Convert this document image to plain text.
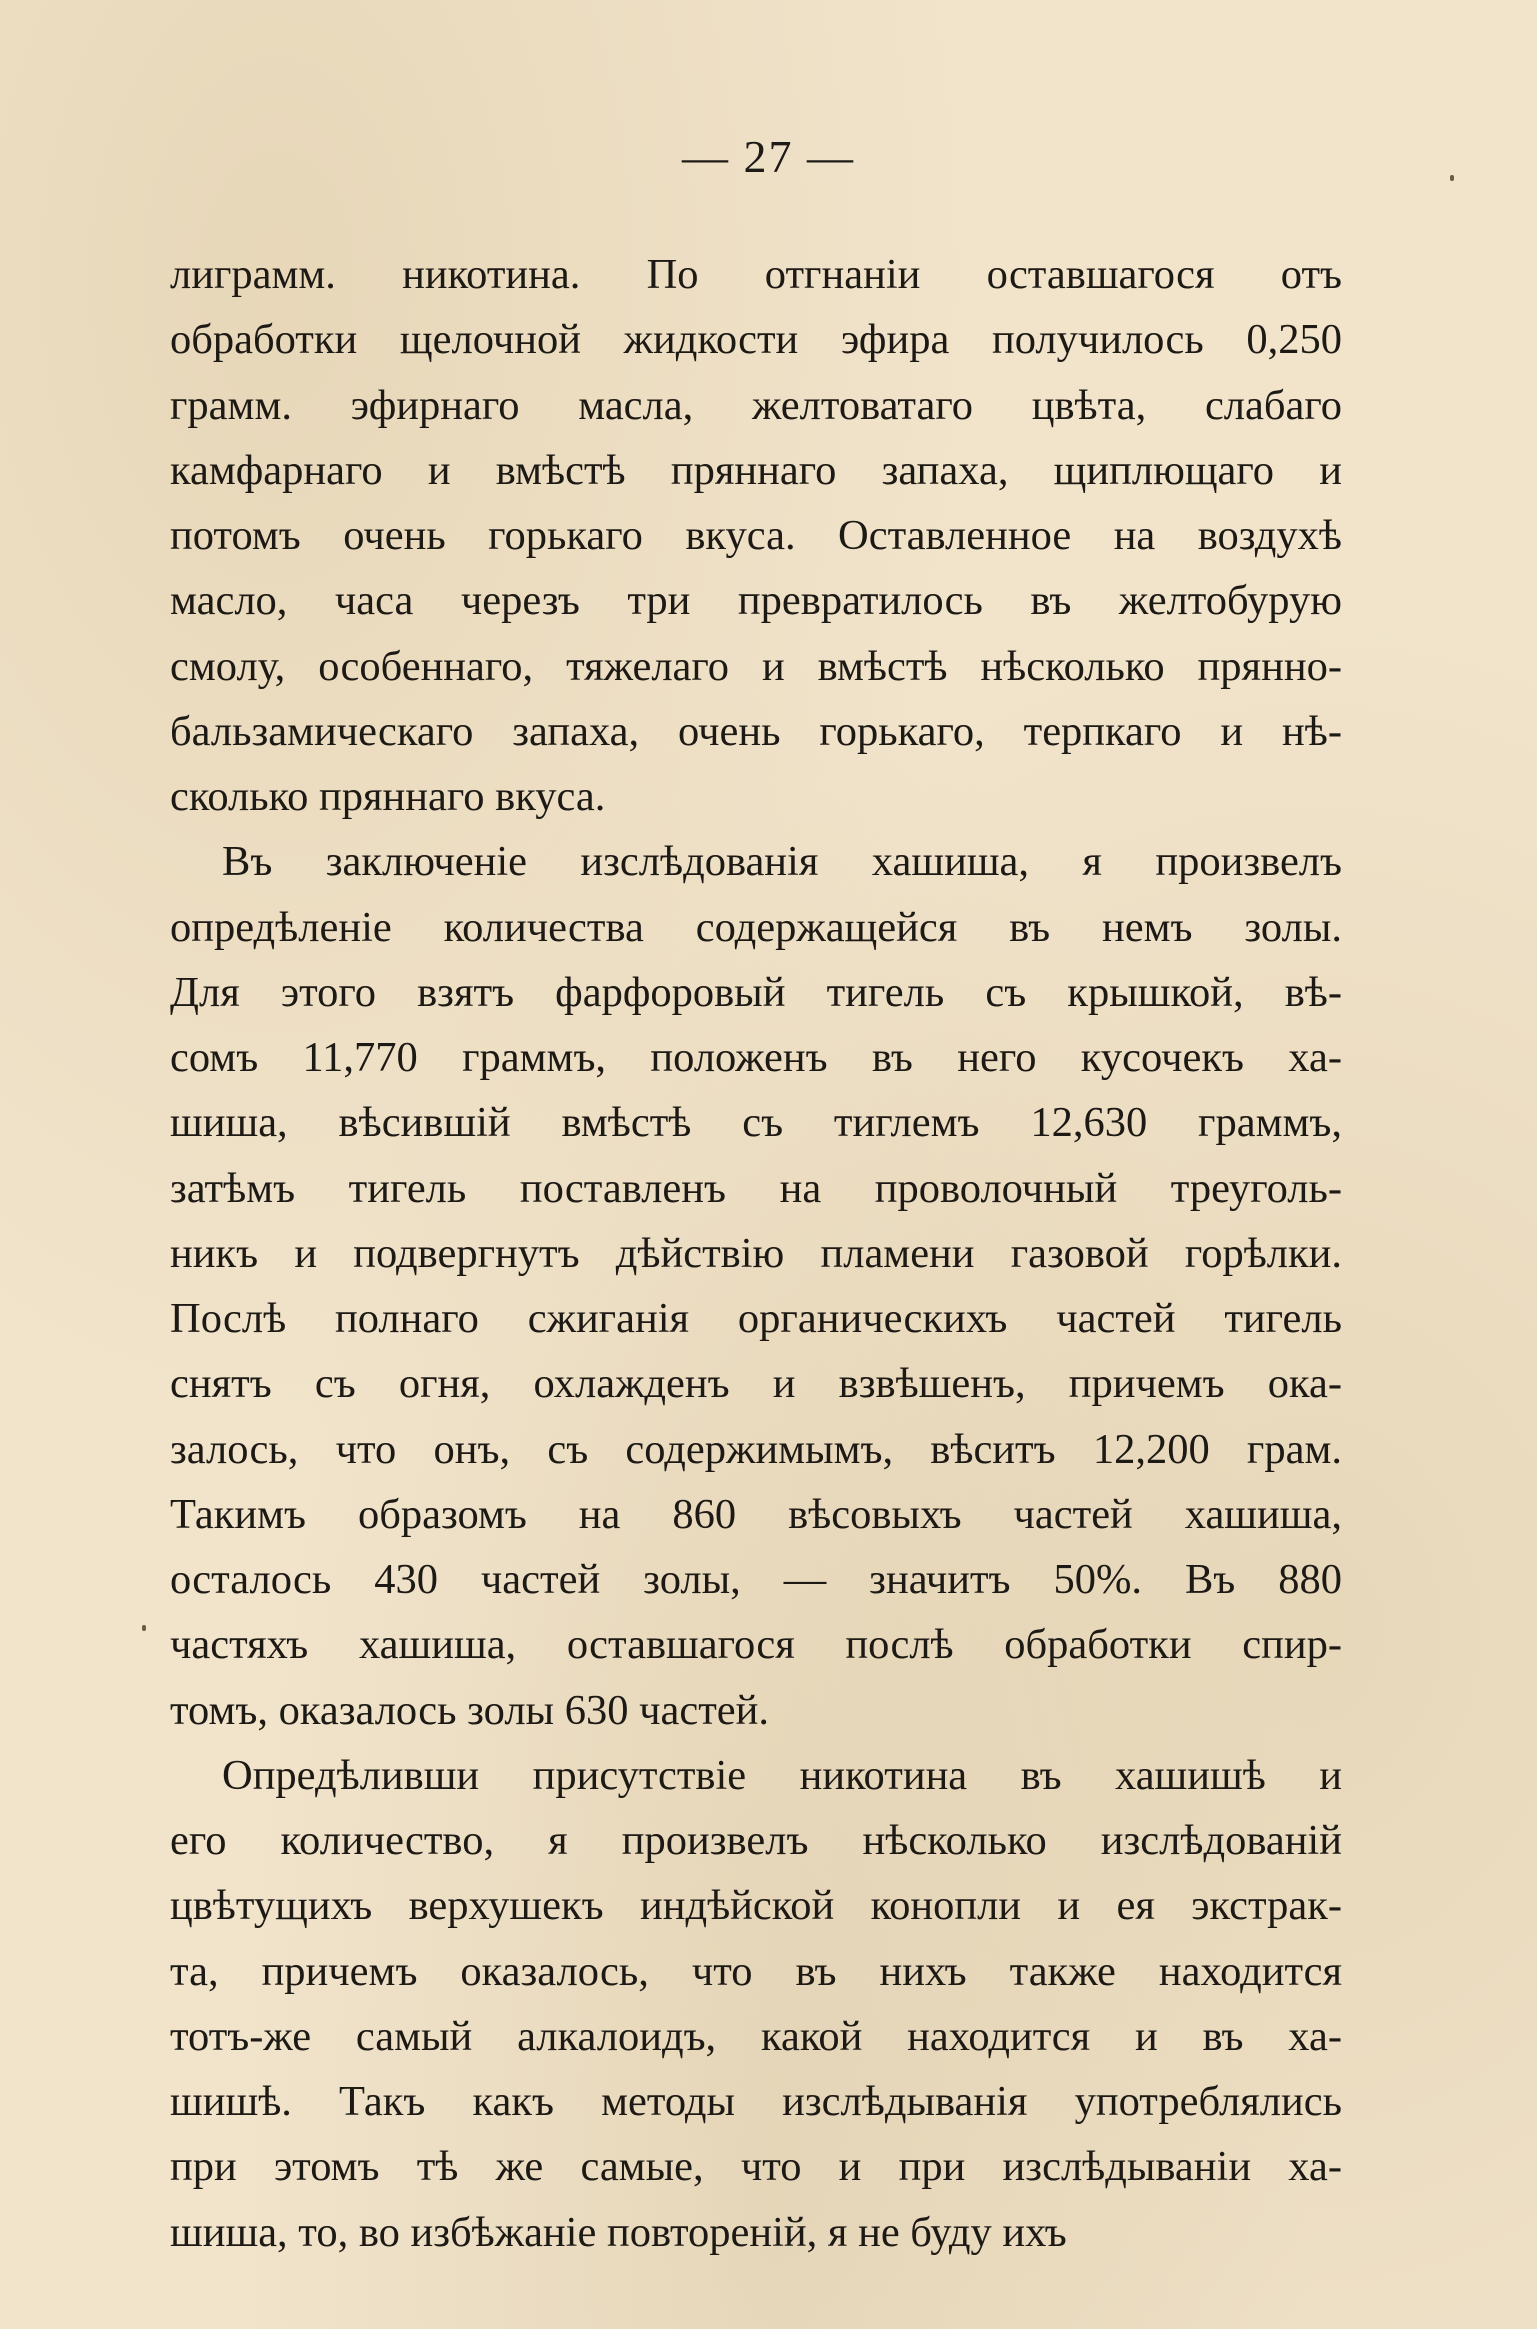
— 27 —
лиграмм. никотина. По отгнаніи оставшагося отъ
обработки щелочной жидкости эфира получилось 0,250
грамм. эфирнаго масла, желтоватаго цвѣта, слабаго
камфарнаго и вмѣстѣ пряннаго запаха, щиплющаго и
потомъ очень горькаго вкуса. Оставленное на воздухѣ
масло, часа черезъ три превратилось въ желтобурую
смолу, особеннаго, тяжелаго и вмѣстѣ нѣсколько прянно-
бальзамическаго запаха, очень горькаго, терпкаго и нѣ-
сколько пряннаго вкуса.
Въ заключеніе изслѣдованія хашиша, я произвелъ
опредѣленіе количества содержащейся въ немъ золы.
Для этого взятъ фарфоровый тигель съ крышкой, вѣ-
сомъ 11,770 граммъ, положенъ въ него кусочекъ ха-
шиша, вѣсившій вмѣстѣ съ тиглемъ 12,630 граммъ,
затѣмъ тигель поставленъ на проволочный треуголь-
никъ и подвергнутъ дѣйствію пламени газовой горѣлки.
Послѣ полнаго сжиганія органическихъ частей тигель
снятъ съ огня, охлажденъ и взвѣшенъ, причемъ ока-
залось, что онъ, съ содержимымъ, вѣситъ 12,200 грам.
Такимъ образомъ на 860 вѣсовыхъ частей хашиша,
осталось 430 частей золы, — значитъ 50%. Въ 880
частяхъ хашиша, оставшагося послѣ обработки спир-
томъ, оказалось золы 630 частей.
Опредѣливши присутствіе никотина въ хашишѣ и
его количество, я произвелъ нѣсколько изслѣдованій
цвѣтущихъ верхушекъ индѣйской конопли и ея экстрак-
та, причемъ оказалось, что въ нихъ также находится
тотъ-же самый алкалоидъ, какой находится и въ ха-
шишѣ. Такъ какъ методы изслѣдыванія употреблялись
при этомъ тѣ же самые, что и при изслѣдываніи ха-
шиша, то, во избѣжаніе повтореній, я не буду ихъ
